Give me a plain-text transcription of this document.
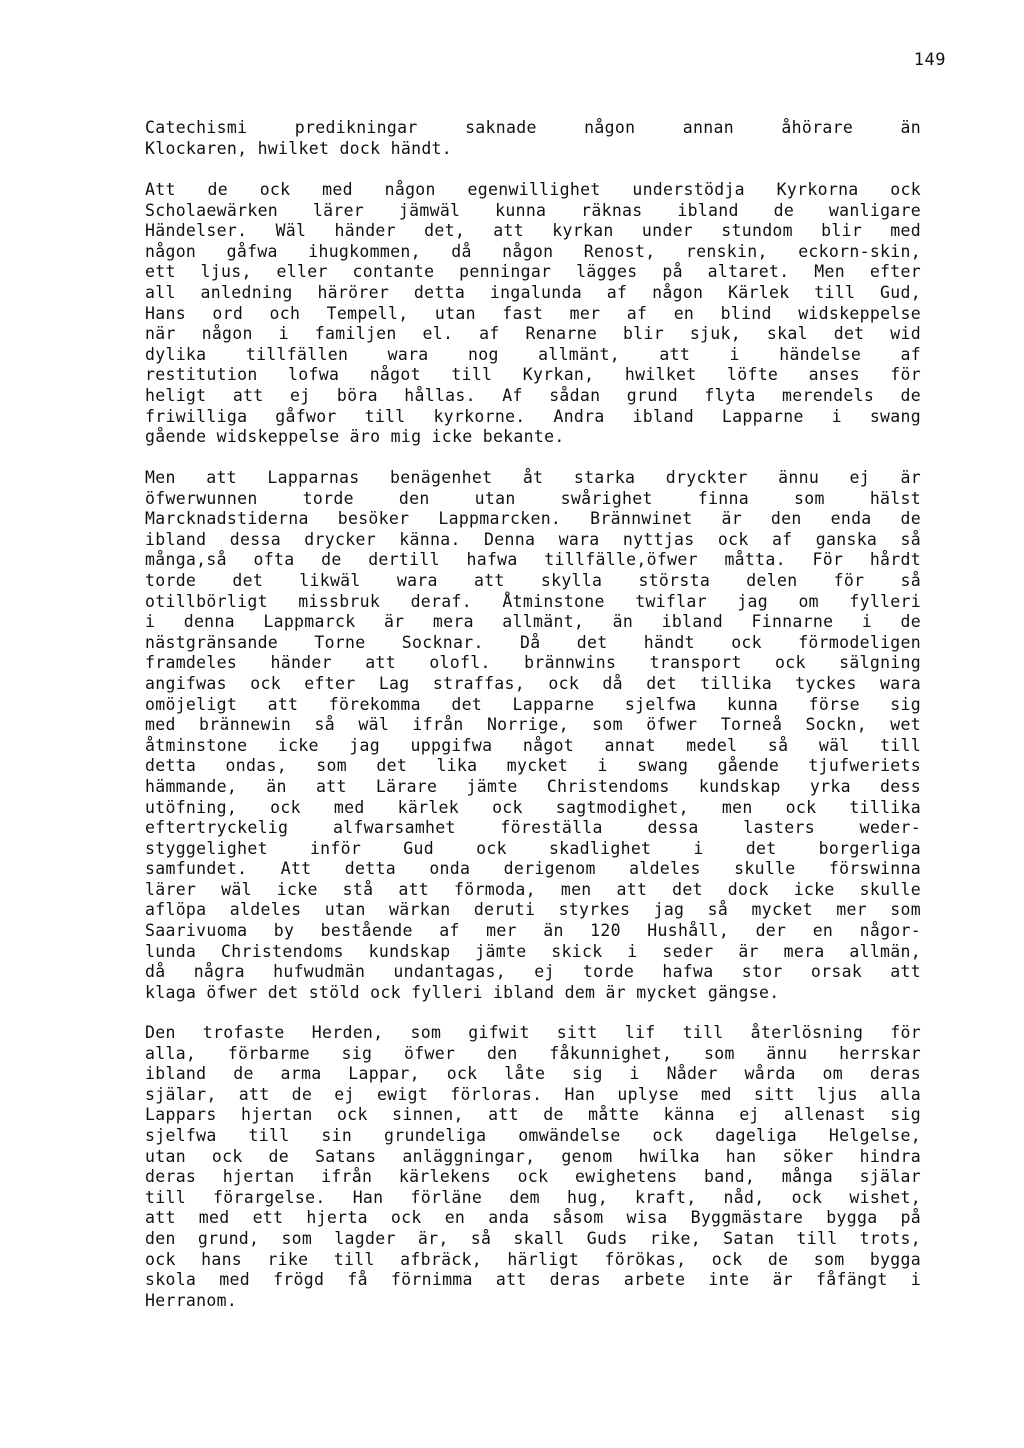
149
Catechismi predikningar saknade någon annan åhörare än
Klockaren, hwilket dock händt.
Att de ock med någon egenwillighet understödja Kyrkorna ock
Scholaewärken lärer jämwäl kunna räknas ibland de wanligare
Händelser. Wäl händer det, att kyrkan under stundom blir med
någon gåfwa ihugkommen, då någon Renost, renskin, eckorn-skin,
ett ljus, eller contante penningar lägges på altaret. Men efter
all anledning härörer detta ingalunda af någon Kärlek till Gud,
Hans ord och Tempell, utan fast mer af en blind widskeppelse
när någon i familjen el. af Renarne blir sjuk, skal det wid
dylika tillfällen wara nog allmänt, att i händelse af
restitution lofwa något till Kyrkan, hwilket löfte anses för
heligt att ej böra hållas. Af sådan grund flyta merendels de
friwilliga gåfwor till kyrkorne. Andra ibland Lapparne i swang
gående widskeppelse äro mig icke bekante.
Men att Lapparnas benägenhet åt starka dryckter ännu ej är
öfwerwunnen torde den utan swårighet finna som hälst
Marcknadstiderna besöker Lappmarcken. Brännwinet är den enda de
ibland dessa drycker känna. Denna wara nyttjas ock af ganska så
många,så ofta de dertill hafwa tillfälle,öfwer måtta. För hårdt
torde det likwäl wara att skylla största delen för så
otillbörligt missbruk deraf. Åtminstone twiflar jag om fylleri
i denna Lappmarck är mera allmänt, än ibland Finnarne i de
nästgränsande Torne Socknar. Då det händt ock förmodeligen
framdeles händer att olofl. brännwins transport ock sälgning
angifwas ock efter Lag straffas, ock då det tillika tyckes wara
omöjeligt att förekomma det Lapparne sjelfwa kunna förse sig
med brännewin så wäl ifrån Norrige, som öfwer Torneå Sockn, wet
åtminstone icke jag uppgifwa något annat medel så wäl till
detta ondas, som det lika mycket i swang gående tjufweriets
hämmande, än att Lärare jämte Christendoms kundskap yrka dess
utöfning, ock med kärlek ock sagtmodighet, men ock tillika
eftertryckelig alfwarsamhet föreställa dessa lasters weder-
styggelighet inför Gud ock skadlighet i det borgerliga
samfundet. Att detta onda derigenom aldeles skulle förswinna
lärer wäl icke stå att förmoda, men att det dock icke skulle
aflöpa aldeles utan wärkan deruti styrkes jag så mycket mer som
Saarivuoma by bestående af mer än 120 Hushåll, der en någor-
lunda Christendoms kundskap jämte skick i seder är mera allmän,
då några hufwudmän undantagas, ej torde hafwa stor orsak att
klaga öfwer det stöld ock fylleri ibland dem är mycket gängse.
Den trofaste Herden, som gifwit sitt lif till återlösning för
alla, förbarme sig öfwer den fåkunnighet, som ännu herrskar
ibland de arma Lappar, ock låte sig i Nåder wårda om deras
själar, att de ej ewigt förloras. Han uplyse med sitt ljus alla
Lappars hjertan ock sinnen, att de måtte känna ej allenast sig
sjelfwa till sin grundeliga omwändelse ock dageliga Helgelse,
utan ock de Satans anläggningar, genom hwilka han söker hindra
deras hjertan ifrån kärlekens ock ewighetens band, många själar
till förargelse. Han förläne dem hug, kraft, nåd, ock wishet,
att med ett hjerta ock en anda såsom wisa Byggmästare bygga på
den grund, som lagder är, så skall Guds rike, Satan till trots,
ock hans rike till afbräck, härligt förökas, ock de som bygga
skola med frögd få förnimma att deras arbete inte är fåfängt i
Herranom.
